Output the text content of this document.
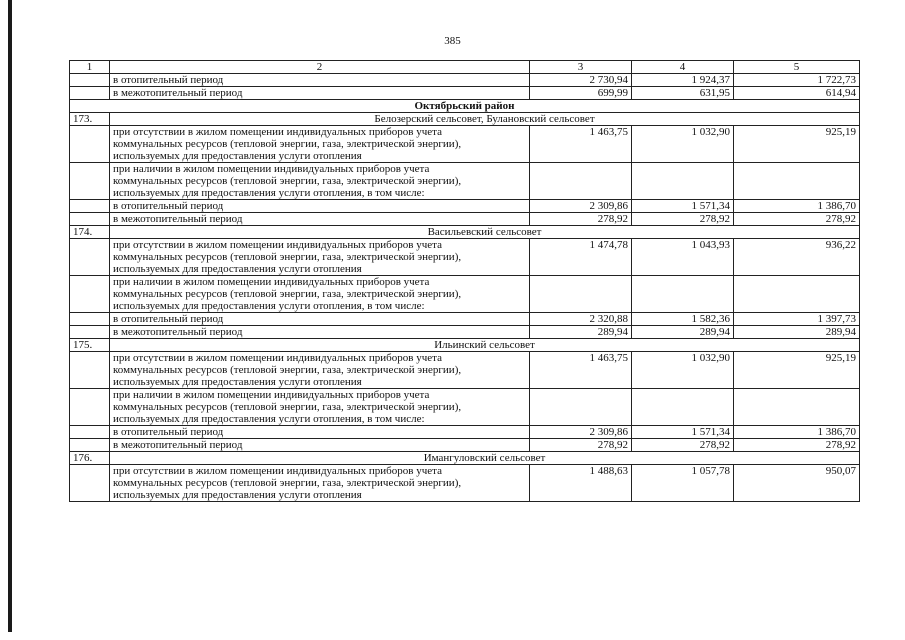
385
1	2	3	4	5
	в отопительный период	2 730,94	1 924,37	1 722,73
	в межотопительный период	699,99	631,95	614,94
Октябрьский район				
173.	Белозерский сельсовет, Булановский сельсовет			

	при отсутствии в жилом помещении индивидуальных приборов учета
коммунальных ресурсов (тепловой энергии, газа, электрической энергии),
используемых для предоставления услуги отопления	1 463,75	1 032,90	925,19

	при наличии в жилом помещении индивидуальных приборов учета
коммунальных ресурсов (тепловой энергии, газа, электрической энергии),
используемых для предоставления услуги отопления, в том числе:			

	в отопительный период	2 309,86	1 571,34	1 386,70
	в межотопительный период	278,92	278,92	278,92
174.	Васильевский сельсовет			

	при отсутствии в жилом помещении индивидуальных приборов учета
коммунальных ресурсов (тепловой энергии, газа, электрической энергии),
используемых для предоставления услуги отопления	1 474,78	1 043,93	936,22

	при наличии в жилом помещении индивидуальных приборов учета
коммунальных ресурсов (тепловой энергии, газа, электрической энергии),
используемых для предоставления услуги отопления, в том числе:			

	в отопительный период	2 320,88	1 582,36	1 397,73
	в межотопительный период	289,94	289,94	289,94
175.	Ильинский сельсовет			

	при отсутствии в жилом помещении индивидуальных приборов учета
коммунальных ресурсов (тепловой энергии, газа, электрической энергии),
используемых для предоставления услуги отопления	1 463,75	1 032,90	925,19

	при наличии в жилом помещении индивидуальных приборов учета
коммунальных ресурсов (тепловой энергии, газа, электрической энергии),
используемых для предоставления услуги отопления, в том числе:			

	в отопительный период	2 309,86	1 571,34	1 386,70
	в межотопительный период	278,92	278,92	278,92
176.	Имангуловский сельсовет			

	при отсутствии в жилом помещении индивидуальных приборов учета
коммунальных ресурсов (тепловой энергии, газа, электрической энергии),
используемых для предоставления услуги отопления	1 488,63	1 057,78	950,07
